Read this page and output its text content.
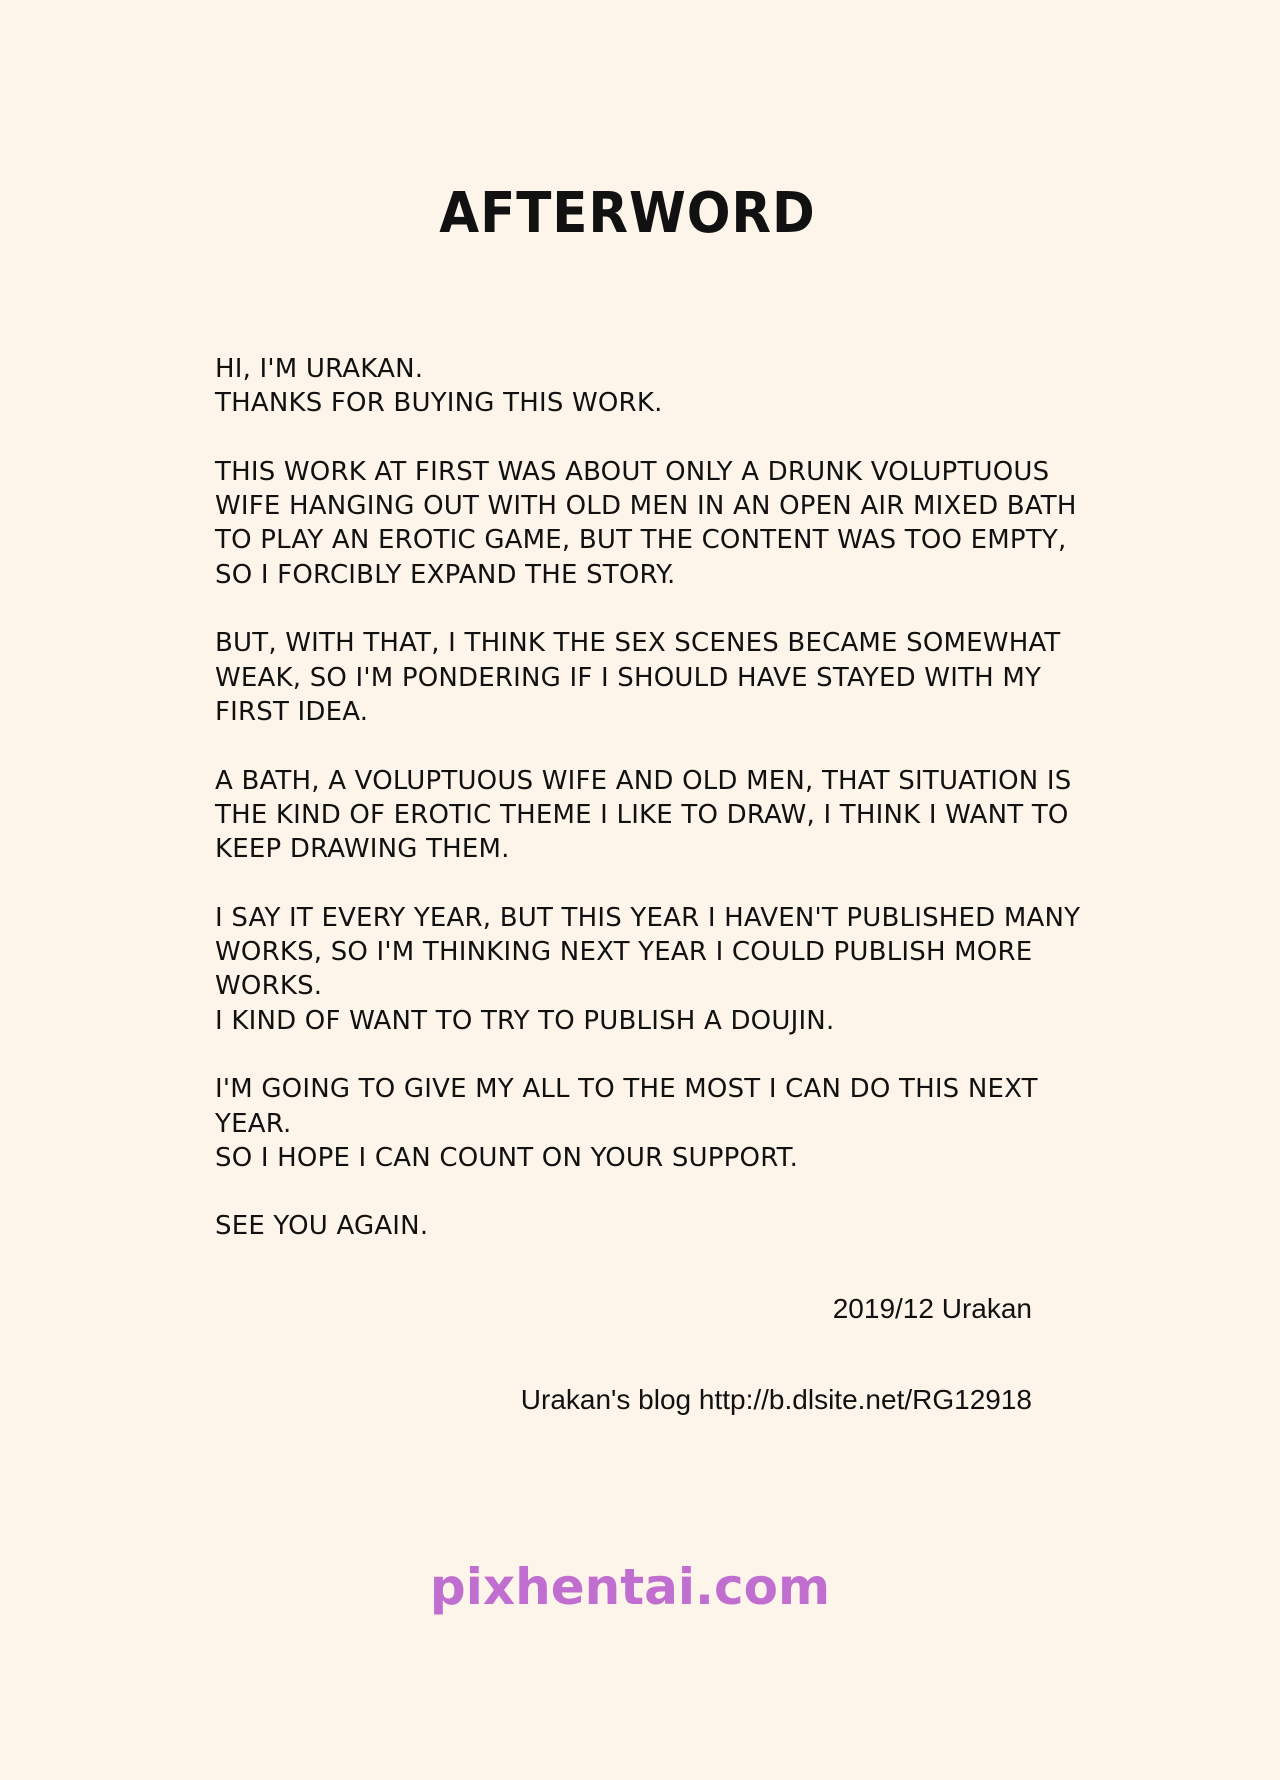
AFTERWORD
HI, I'M URAKAN.
THANKS FOR BUYING THIS WORK.
THIS WORK AT FIRST WAS ABOUT ONLY A DRUNK VOLUPTUOUS
WIFE HANGING OUT WITH OLD MEN IN AN OPEN AIR MIXED BATH
TO PLAY AN EROTIC GAME, BUT THE CONTENT WAS TOO EMPTY,
SO I FORCIBLY EXPAND THE STORY.
BUT, WITH THAT, I THINK THE SEX SCENES BECAME SOMEWHAT
WEAK, SO I'M PONDERING IF I SHOULD HAVE STAYED WITH MY
FIRST IDEA.
A BATH, A VOLUPTUOUS WIFE AND OLD MEN, THAT SITUATION IS
THE KIND OF EROTIC THEME I LIKE TO DRAW, I THINK I WANT TO
KEEP DRAWING THEM.
I SAY IT EVERY YEAR, BUT THIS YEAR I HAVEN'T PUBLISHED MANY
WORKS, SO I'M THINKING NEXT YEAR I COULD PUBLISH MORE
WORKS.
I KIND OF WANT TO TRY TO PUBLISH A DOUJIN.
I'M GOING TO GIVE MY ALL TO THE MOST I CAN DO THIS NEXT
YEAR.
SO I HOPE I CAN COUNT ON YOUR SUPPORT.
SEE YOU AGAIN.
2019/12 Urakan
Urakan's blog http://b.dlsite.net/RG12918
pixhentai.com
